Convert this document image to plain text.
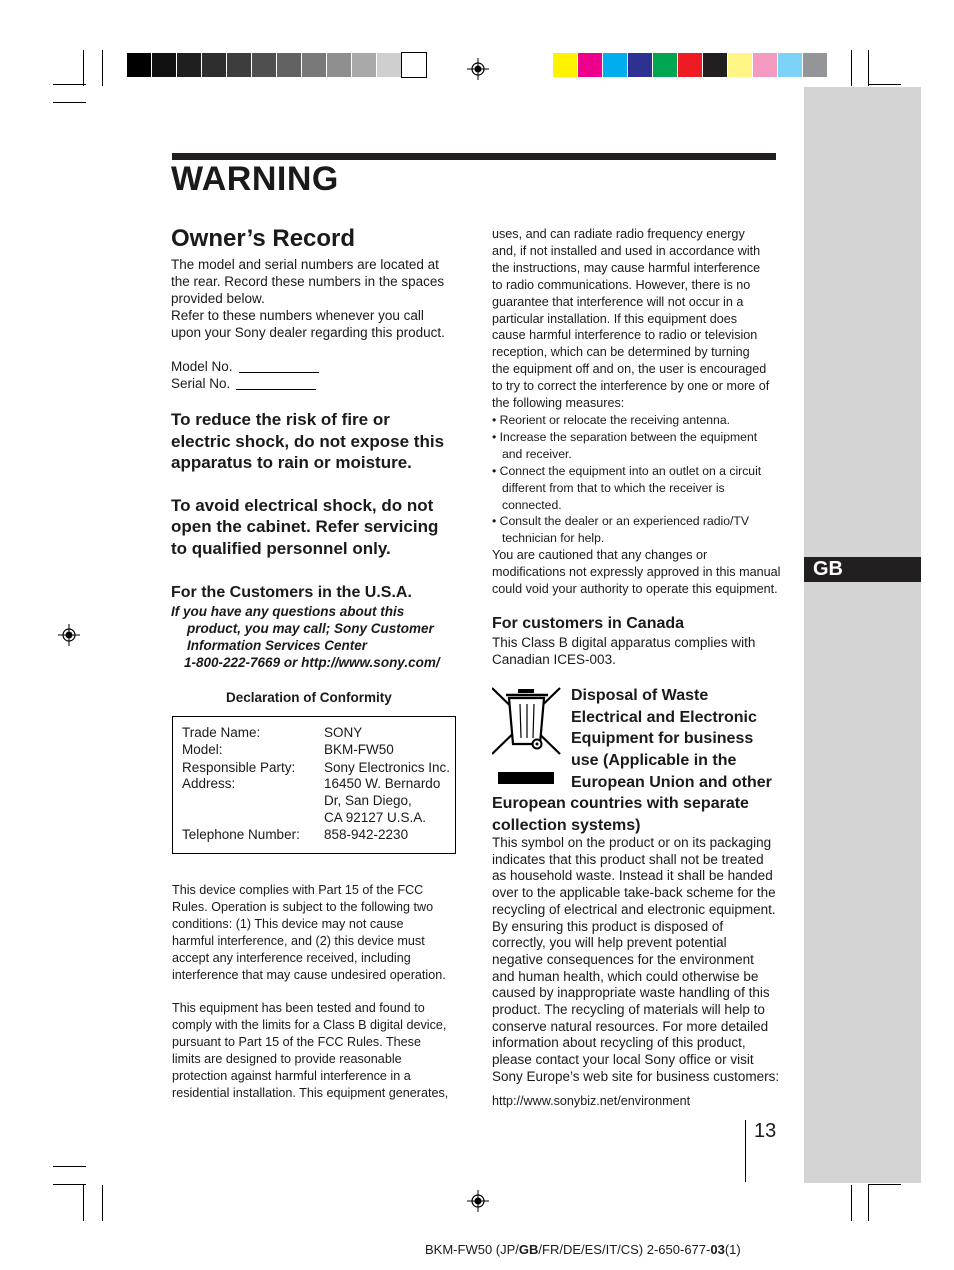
GB
WARNING
Owner’s Record
The model and serial numbers are located at
the rear. Record these numbers in the spaces
provided below.
Refer to these numbers whenever you call
upon your Sony dealer regarding this product.
Model No.
Serial No.
To reduce the risk of fire or
electric shock, do not expose this
apparatus to rain or moisture.
To avoid electrical shock, do not
open the cabinet. Refer servicing
to qualified personnel only.
For the Customers in the U.S.A.
If you have any questions about this
product, you may call; Sony Customer
Information Services Center
1-800-222-7669 or http://www.sony.com/
Declaration of Conformity
Trade Name:	SONY
Model:	BKM-FW50
Responsible Party: Sony Electronics Inc.
Address:	16450 W. Bernardo
Dr, San Diego,
CA 92127 U.S.A.
Telephone Number: 858-942-2230
This device complies with Part 15 of the FCC
Rules. Operation is subject to the following two
conditions: (1) This device may not cause
harmful interference, and (2) this device must
accept any interference received, including
interference that may cause undesired operation.
This equipment has been tested and found to
comply with the limits for a Class B digital device,
pursuant to Part 15 of the FCC Rules. These
limits are designed to provide reasonable
protection against harmful interference in a
residential installation. This equipment generates,
uses, and can radiate radio frequency energy
and, if not installed and used in accordance with
the instructions, may cause harmful interference
to radio communications. However, there is no
guarantee that interference will not occur in a
particular installation. If this equipment does
cause harmful interference to radio or television
reception, which can be determined by turning
the equipment off and on, the user is encouraged
to try to correct the interference by one or more of
the following measures:
• Reorient or relocate the receiving antenna.
• Increase the separation between the equipment
and receiver.
• Connect the equipment into an outlet on a circuit
different from that to which the receiver is
connected.
• Consult the dealer or an experienced radio/TV
technician for help.
You are cautioned that any changes or
modifications not expressly approved in this manual
could void your authority to operate this equipment.
For customers in Canada
This Class B digital apparatus complies with
Canadian ICES-003.
Disposal of Waste
Electrical and Electronic
Equipment for business
use (Applicable in the
European Union and other
European countries with separate
collection systems)
This symbol on the product or on its packaging
indicates that this product shall not be treated
as household waste. Instead it shall be handed
over to the applicable take-back scheme for the
recycling of electrical and electronic equipment.
By ensuring this product is disposed of
correctly, you will help prevent potential
negative consequences for the environment
and human health, which could otherwise be
caused by inappropriate waste handling of this
product. The recycling of materials will help to
conserve natural resources. For more detailed
information about recycling of this product,
please contact your local Sony office or visit
Sony Europe’s web site for business customers:
http://www.sonybiz.net/environment
13
BKM-FW50 (JP/GB/FR/DE/ES/IT/CS) 2-650-677-03(1)
